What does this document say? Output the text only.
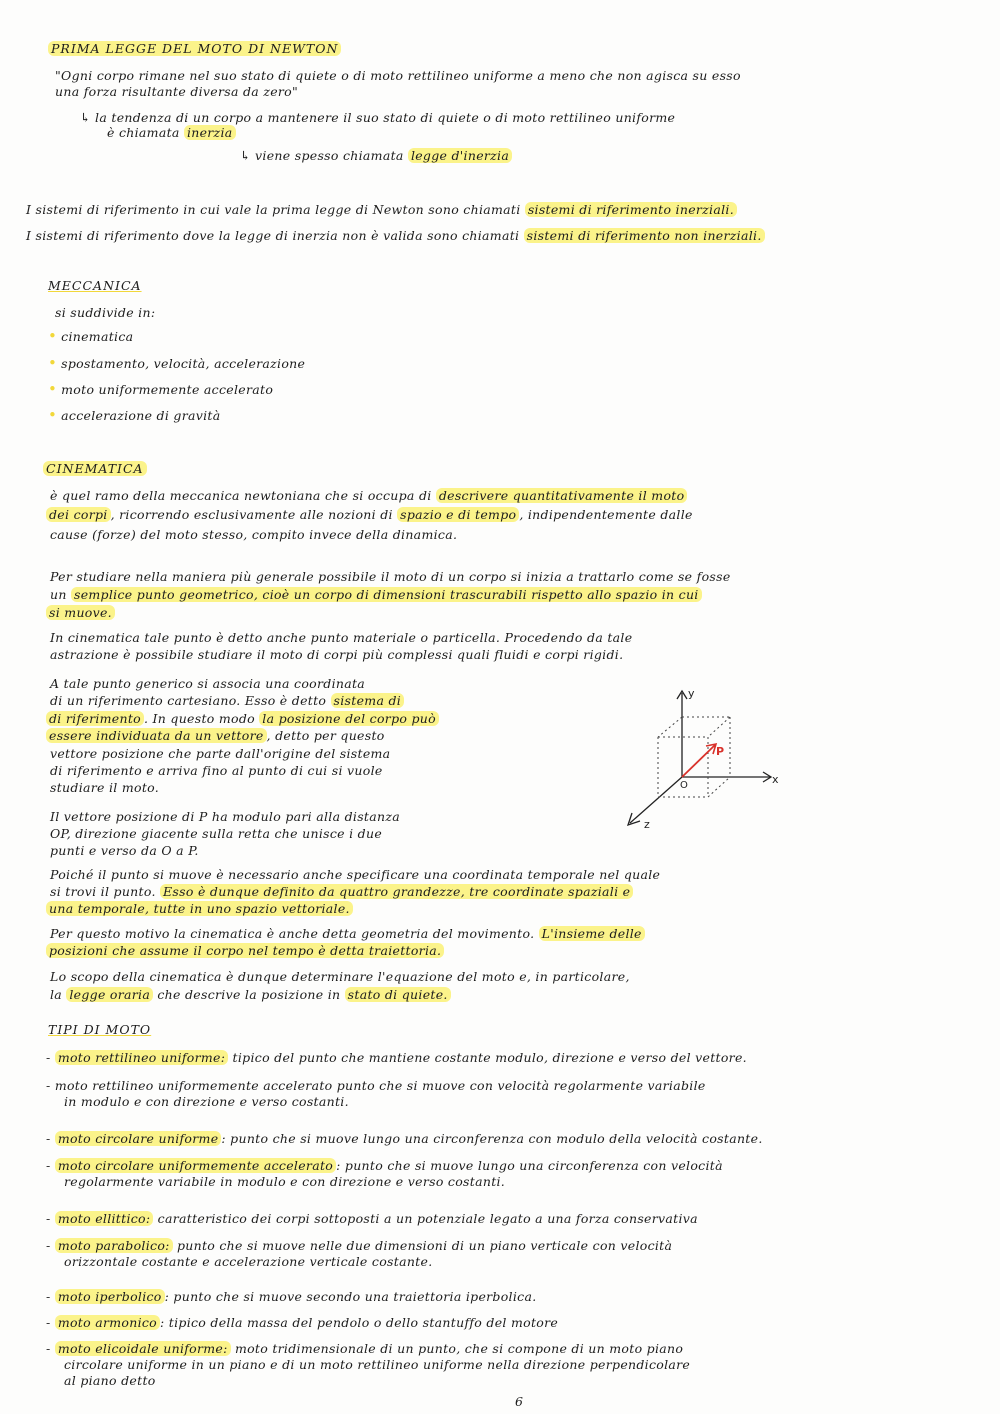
PRIMA LEGGE DEL MOTO DI NEWTON
"Ogni corpo rimane nel suo stato di quiete o di moto rettilineo uniforme a meno che non agisca su esso
una forza risultante diversa da zero"
↳ la tendenza di un corpo a mantenere il suo stato di quiete o di moto rettilineo uniforme
è chiamata inerzia
↳ viene spesso chiamata legge d'inerzia
I sistemi di riferimento in cui vale la prima legge di Newton sono chiamati sistemi di riferimento inerziali.
I sistemi di riferimento dove la legge di inerzia non è valida sono chiamati sistemi di riferimento non inerziali.
MECCANICA
si suddivide in:
• cinematica
• spostamento, velocità, accelerazione
• moto uniformemente accelerato
• accelerazione di gravità
CINEMATICA
è quel ramo della meccanica newtoniana che si occupa di descrivere quantitativamente il moto
dei corpi , ricorrendo esclusivamente alle nozioni di spazio e di tempo , indipendentemente dalle
cause (forze) del moto stesso, compito invece della dinamica.
Per studiare nella maniera più generale possibile il moto di un corpo si inizia a trattarlo come se fosse
un semplice punto geometrico, cioè un corpo di dimensioni trascurabili rispetto allo spazio in cui
si muove.
In cinematica tale punto è detto anche punto materiale o particella. Procedendo da tale
astrazione è possibile studiare il moto di corpi più complessi quali fluidi e corpi rigidi.
A tale punto generico si associa una coordinata
di un riferimento cartesiano. Esso è detto sistema di
di riferimento . In questo modo la posizione del corpo può
essere individuata da un vettore , detto per questo
vettore posizione che parte dall'origine del sistema
di riferimento e arriva fino al punto di cui si vuole
studiare il moto.
Il vettore posizione di P ha modulo pari alla distanza
OP, direzione giacente sulla retta che unisce i due
punti e verso da O a P.
y
x
z
O
P
Poiché il punto si muove è necessario anche specificare una coordinata temporale nel quale
si trovi il punto. Esso è dunque definito da quattro grandezze, tre coordinate spaziali e
una temporale, tutte in uno spazio vettoriale.
Per questo motivo la cinematica è anche detta geometria del movimento. L'insieme delle
posizioni che assume il corpo nel tempo è detta traiettoria.
Lo scopo della cinematica è dunque determinare l'equazione del moto e, in particolare,
la legge oraria che descrive la posizione in stato di quiete.
TIPI DI MOTO
- moto rettilineo uniforme: tipico del punto che mantiene costante modulo, direzione e verso del vettore.
- moto rettilineo uniformemente accelerato punto che si muove con velocità regolarmente variabile
in modulo e con direzione e verso costanti.
- moto circolare uniforme : punto che si muove lungo una circonferenza con modulo della velocità costante.
- moto circolare uniformemente accelerato : punto che si muove lungo una circonferenza con velocità
regolarmente variabile in modulo e con direzione e verso costanti.
- moto ellittico: caratteristico dei corpi sottoposti a un potenziale legato a una forza conservativa
- moto parabolico: punto che si muove nelle due dimensioni di un piano verticale con velocità
orizzontale costante e accelerazione verticale costante.
- moto iperbolico : punto che si muove secondo una traiettoria iperbolica.
- moto armonico : tipico della massa del pendolo o dello stantuffo del motore
- moto elicoidale uniforme: moto tridimensionale di un punto, che si compone di un moto piano
circolare uniforme in un piano e di un moto rettilineo uniforme nella direzione perpendicolare
al piano detto
6
